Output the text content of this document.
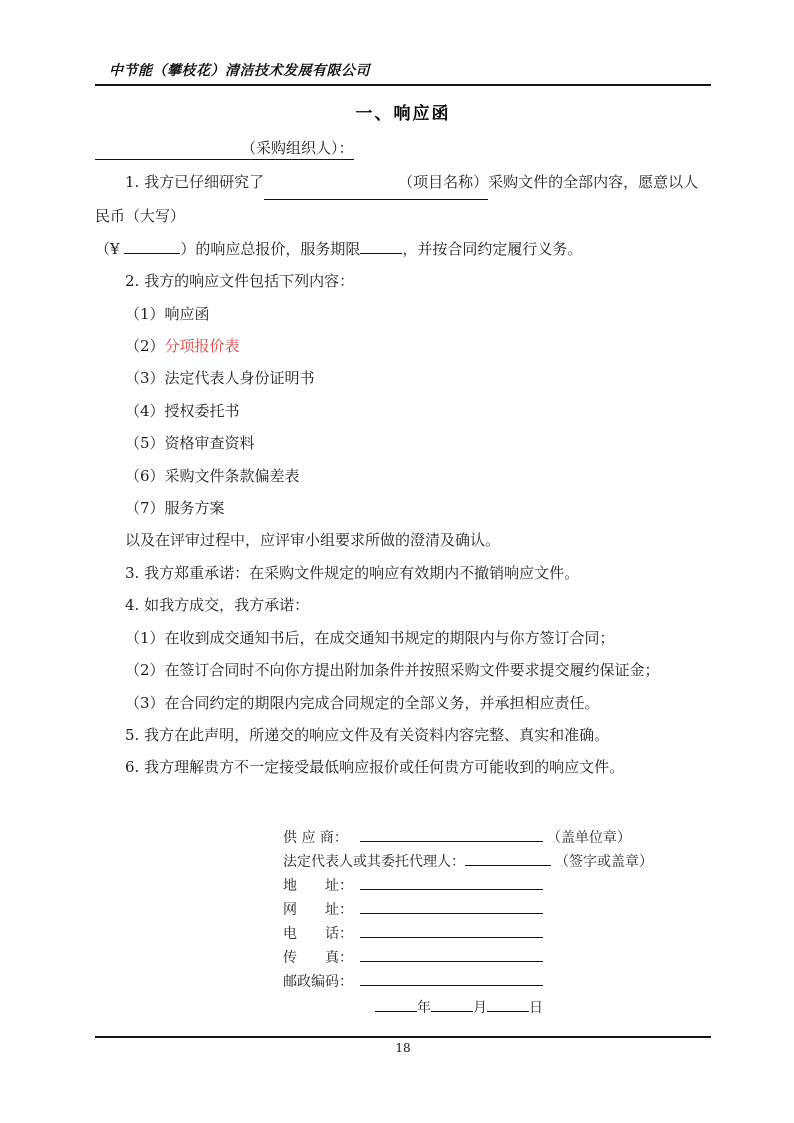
中节能（攀枝花）清洁技术发展有限公司
一、响应函
（采购组织人）：

1. 我方已仔细研究了	（项目名称）采购文件的全部内容，愿意以人民币（大写）
（¥	）的响应总报价，服务期限	，并按合同约定履行义务。

2. 我方的响应文件包括下列内容：

（1）响应函

（2）分项报价表

（3）法定代表人身份证明书

（4）授权委托书

（5）资格审查资料

（6）采购文件条款偏差表

（7）服务方案

以及在评审过程中，应评审小组要求所做的澄清及确认。

3. 我方郑重承诺：在采购文件规定的响应有效期内不撤销响应文件。

4. 如我方成交，我方承诺：

（1）在收到成交通知书后，在成交通知书规定的期限内与你方签订合同；

（2）在签订合同时不向你方提出附加条件并按照采购文件要求提交履约保证金；

（3）在合同约定的期限内完成合同规定的全部义务，并承担相应责任。

5. 我方在此声明，所递交的响应文件及有关资料内容完整、真实和准确。

6. 我方理解贵方不一定接受最低响应报价或任何贵方可能收到的响应文件。

供 应 商：	（盖单位章）
法定代表人或其委托代理人：	（签字或盖章）
地　　址：
网　　址：
电　　话：
传　　真：
邮政编码：
年	月	日
18
